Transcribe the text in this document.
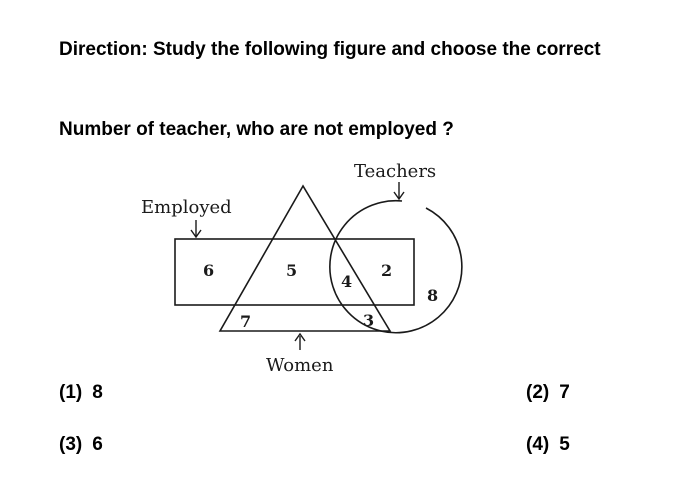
Direction: Study the following figure and choose the correct
Number of teacher, who are not employed ?
Teachers
Employed
Women
6	5
4
2
8
7	3
(1) 8	(2) 7
(3) 6	(4) 5
